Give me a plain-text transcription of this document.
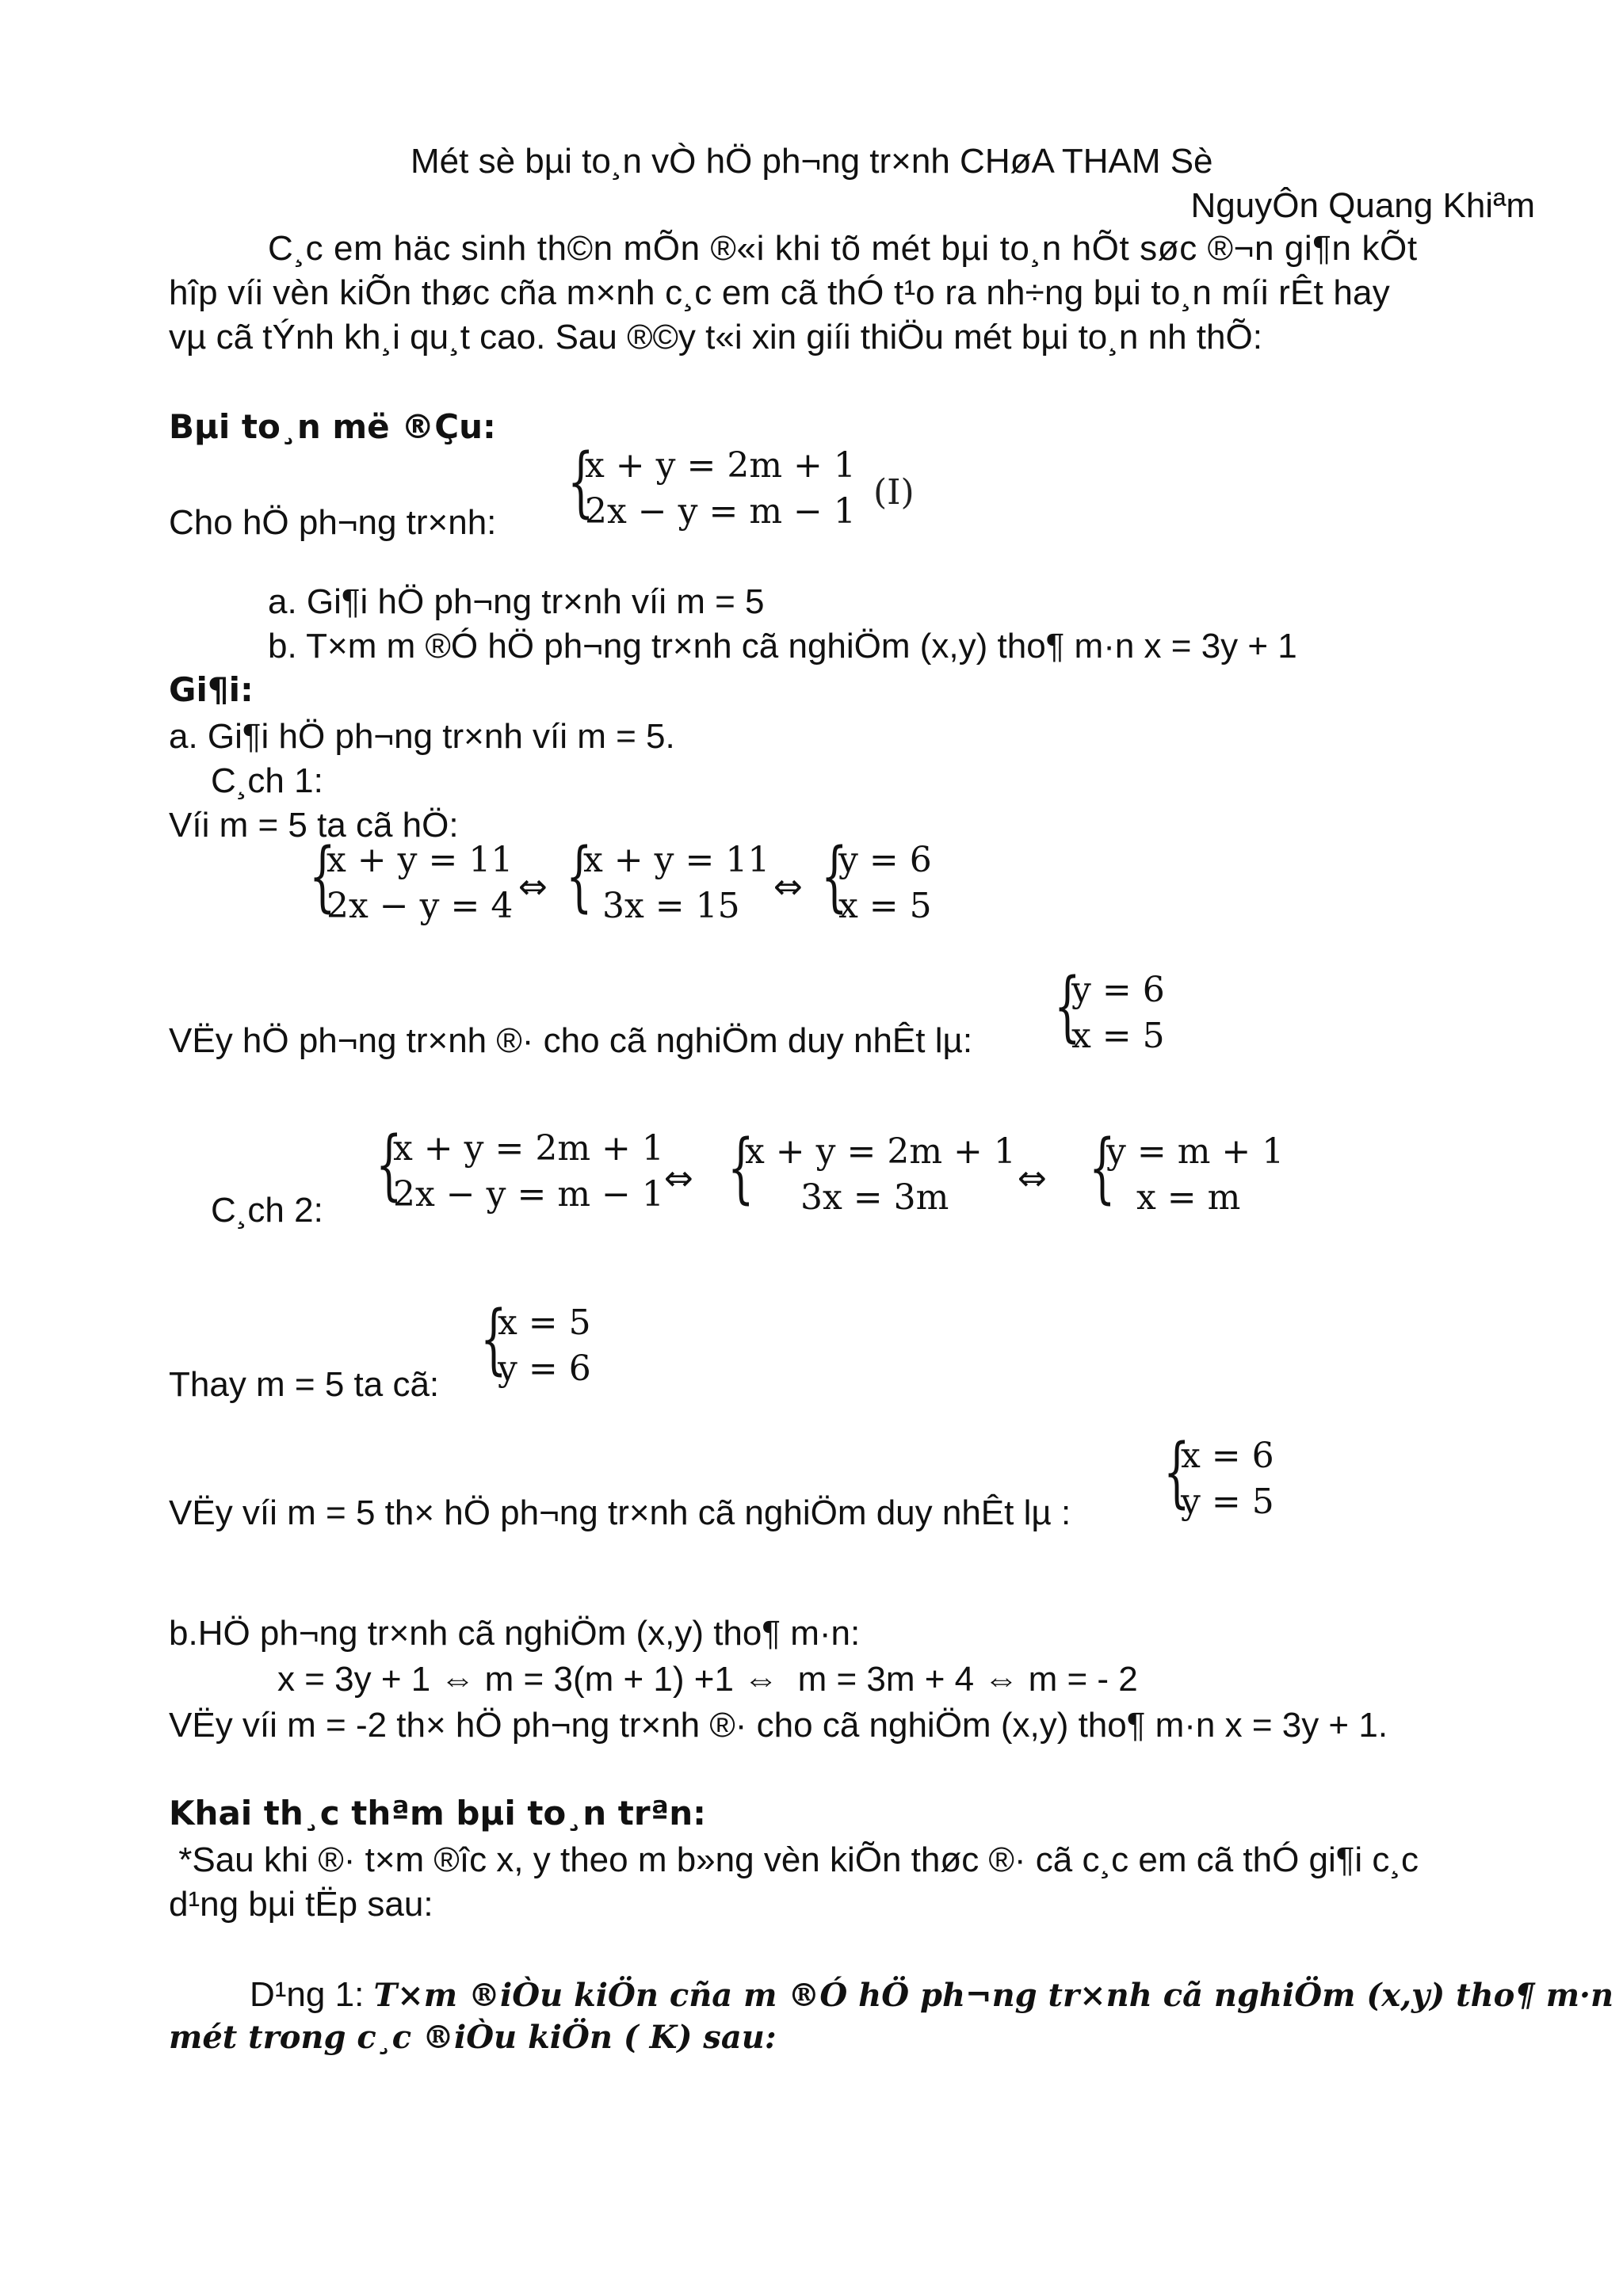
Mét sè bµi to¸n vÒ hÖ ph¬ng tr×nh CHøA THAM Sè
NguyÔn Quang Khiªm
C¸c em häc sinh th©n mÕn ®«i khi tõ mét bµi to¸n hÕt søc ®¬n gi¶n kÕt
hîp víi vèn kiÕn thøc cña m×nh c¸c em cã thÓ t¹o ra nh÷ng bµi to¸n míi rÊt hay
vµ cã tÝnh kh¸i qu¸t cao. Sau ®©y t«i xin giíi thiÖu mét bµi to¸n nh thÕ:
Bµi to¸n më ®Çu:
{
x + y = 2m + 1
2x − y = m − 1 (I)
Cho hÖ ph¬ng tr×nh:
a. Gi¶i hÖ ph¬ng tr×nh víi m = 5
b. T×m m ®Ó hÖ ph¬ng tr×nh cã nghiÖm (x,y) tho¶ m·n x = 3y + 1
Gi¶i:
a. Gi¶i hÖ ph¬ng tr×nh víi m = 5.
C¸ch 1:
Víi m = 5 ta cã hÖ:
{
x + y = 11
2x − y = 4 ⇔ {
x + y = 11
3x = 15 ⇔ {
y = 6
x = 5
VËy hÖ ph¬ng tr×nh ®· cho cã nghiÖm duy nhÊt lµ: {
y = 6
x = 5
C¸ch 2:
{
x + y = 2m + 1
2x − y = m − 1 ⇔ {
x + y = 2m + 1
3x = 3m ⇔ {
y = m + 1
x = m
Thay m = 5 ta cã:
{
x = 5
y = 6
VËy víi m = 5 th× hÖ ph¬ng tr×nh cã nghiÖm duy nhÊt lµ : {
x = 6
y = 5
b.HÖ ph¬ng tr×nh cã nghiÖm (x,y) tho¶ m·n:
x = 3y + 1 ⇔ m = 3(m + 1) +1 ⇔  m = 3m + 4 ⇔ m = - 2
VËy víi m = -2 th× hÖ ph¬ng tr×nh ®· cho cã nghiÖm (x,y) tho¶ m·n x = 3y + 1.
Khai th¸c thªm bµi to¸n trªn:
*Sau khi ®· t×m ®îc x, y theo m b»ng vèn kiÕn thøc ®· cã c¸c em cã thÓ gi¶i c¸c
d¹ng bµi tËp sau:
D¹ng 1: T×m ®iÒu kiÖn cña m ®Ó hÖ ph¬ng tr×nh cã nghiÖm (x,y) tho¶ m·n
mét trong c¸c ®iÒu kiÖn ( K) sau:
